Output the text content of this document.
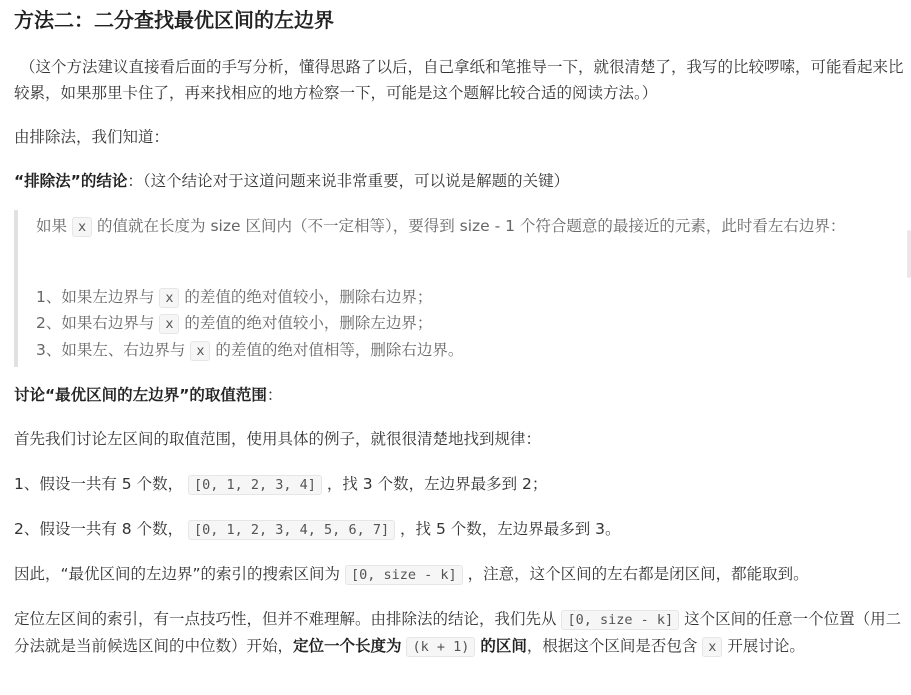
方法二：二分查找最优区间的左边界

（这个方法建议直接看后面的手写分析，懂得思路了以后，自己拿纸和笔推导一下，就很清楚了，我写的比较啰嗦，可能看起来比较累，如果那里卡住了，再来找相应的地方检察一下，可能是这个题解比较合适的阅读方法。）

由排除法，我们知道：

“排除法”的结论：（这个结论对于这道问题来说非常重要，可以说是解题的关键）

如果 x 的值就在长度为 size 区间内（不一定相等），要得到 size - 1 个符合题意的最接近的元素，此时看左右边界：

1、如果左边界与 x 的差值的绝对值较小，删除右边界；

2、如果右边界与 x 的差值的绝对值较小，删除左边界；

3、如果左、右边界与 x 的差值的绝对值相等，删除右边界。

讨论“最优区间的左边界”的取值范围：

首先我们讨论左区间的取值范围，使用具体的例子，就很很清楚地找到规律：

1、假设一共有 5 个数， [0, 1, 2, 3, 4] ，找 3 个数，左边界最多到 2；

2、假设一共有 8 个数， [0, 1, 2, 3, 4, 5, 6, 7] ，找 5 个数，左边界最多到 3。

因此，“最优区间的左边界”的索引的搜索区间为 [0, size - k] ，注意，这个区间的左右都是闭区间，都能取到。

定位左区间的索引，有一点技巧性，但并不难理解。由排除法的结论，我们先从 [0, size - k] 这个区间的任意一个位置（用二分法就是当前候选区间的中位数）开始，定位一个长度为 (k + 1) 的区间，根据这个区间是否包含 x 开展讨论。
